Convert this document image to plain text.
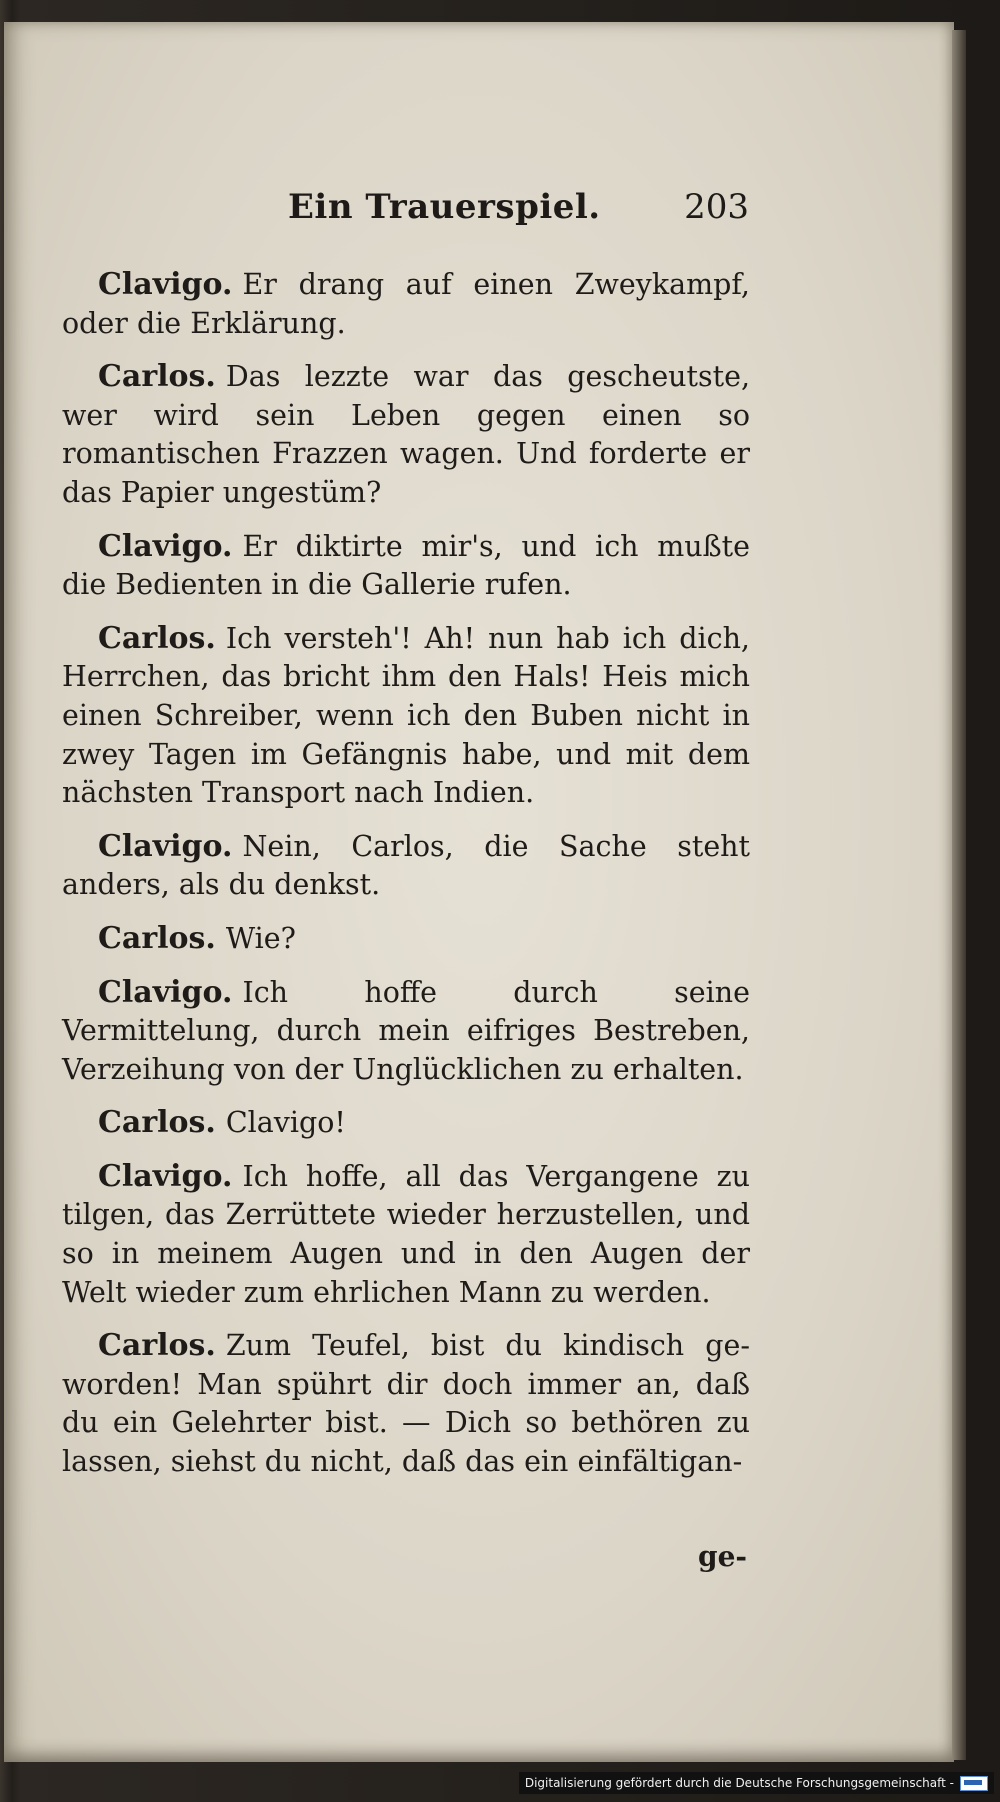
Ein Trauerspiel. 203

Clavigo. Er drang auf einen Zweykampf, oder die Erklärung.

Carlos. Das lezzte war das gescheutste, wer wird sein Leben gegen einen so romantischen Frazzen wagen. Und forderte er das Papier ungestüm?

Clavigo. Er diktirte mir's, und ich mußte die Bedienten in die Gallerie rufen.

Carlos. Ich versteh'! Ah! nun hab ich dich, Herrchen, das bricht ihm den Hals! Heis mich einen Schreiber, wenn ich den Buben nicht in zwey Tagen im Gefängnis habe, und mit dem nächsten Transport nach Indien.

Clavigo. Nein, Carlos, die Sache steht anders, als du denkst.

Carlos. Wie?

Clavigo. Ich hoffe durch seine Vermittelung, durch mein eifriges Bestreben, Verzeihung von der Unglücklichen zu erhalten.

Carlos. Clavigo!

Clavigo. Ich hoffe, all das Vergangene zu tilgen, das Zerrüttete wieder herzustellen, und so in meinem Augen und in den Augen der Welt wieder zum ehrlichen Mann zu werden.

Carlos. Zum Teufel, bist du kindisch ge- worden! Man spührt dir doch immer an, daß du ein Gelehrter bist. — Dich so bethören zu lassen, siehst du nicht, daß das ein einfältigan-

ge-
Digitalisierung gefördert durch die Deutsche Forschungsgemeinschaft -
